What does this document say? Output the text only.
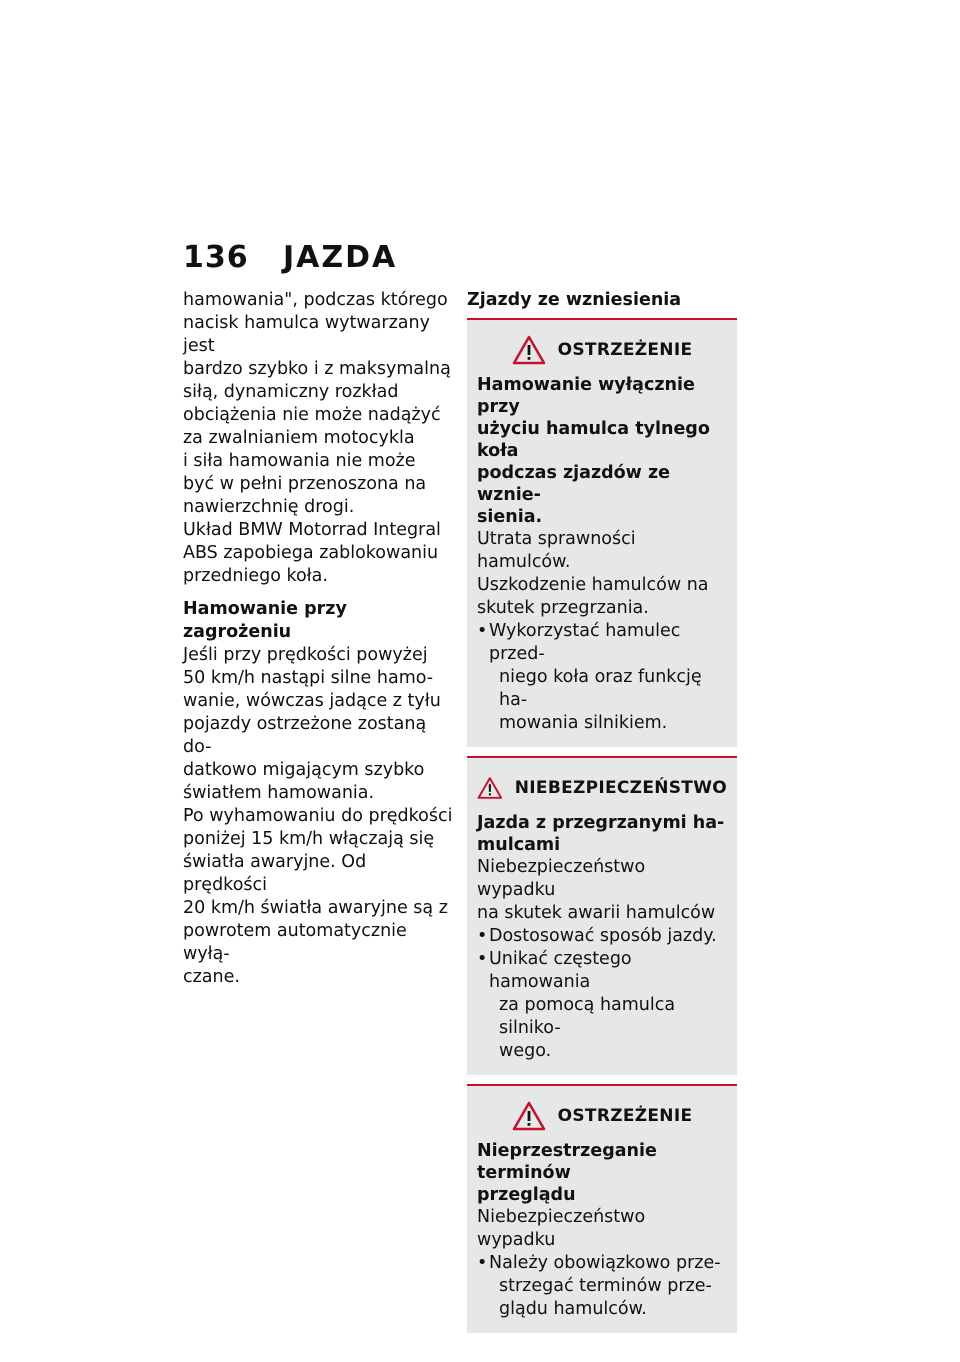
136	JAZDA
hamowania", podczas którego
nacisk hamulca wytwarzany jest
bardzo szybko i z maksymalną
siłą, dynamiczny rozkład
obciążenia nie może nadążyć
za zwalnianiem motocykla
i siła hamowania nie może
być w pełni przenoszona na
nawierzchnię drogi.
Układ BMW Motorrad Integral
ABS zapobiega zablokowaniu
przedniego koła.
Hamowanie przy zagrożeniu
Jeśli przy prędkości powyżej
50 km/h nastąpi silne hamo-
wanie, wówczas jadące z tyłu
pojazdy ostrzeżone zostaną do-
datkowo migającym szybko
światłem hamowania.
Po wyhamowaniu do prędkości
poniżej 15 km/h włączają się
światła awaryjne. Od prędkości
20 km/h światła awaryjne są z
powrotem automatycznie wyłą-
czane.
Zjazdy ze wzniesienia
OSTRZEŻENIE
Hamowanie wyłącznie przy
użyciu hamulca tylnego koła
podczas zjazdów ze wznie-
sienia.
Utrata sprawności hamulców.
Uszkodzenie hamulców na
skutek przegrzania.
• Wykorzystać hamulec przed-
niego koła oraz funkcję ha-
mowania silnikiem.
NIEBEZPIECZEŃSTWO
Jazda z przegrzanymi ha-
mulcami
Niebezpieczeństwo wypadku
na skutek awarii hamulców
• Dostosować sposób jazdy.
• Unikać częstego hamowania
za pomocą hamulca silniko-
wego.
OSTRZEŻENIE
Nieprzestrzeganie terminów
przeglądu
Niebezpieczeństwo wypadku
• Należy obowiązkowo prze-
strzegać terminów prze-
glądu hamulców.
